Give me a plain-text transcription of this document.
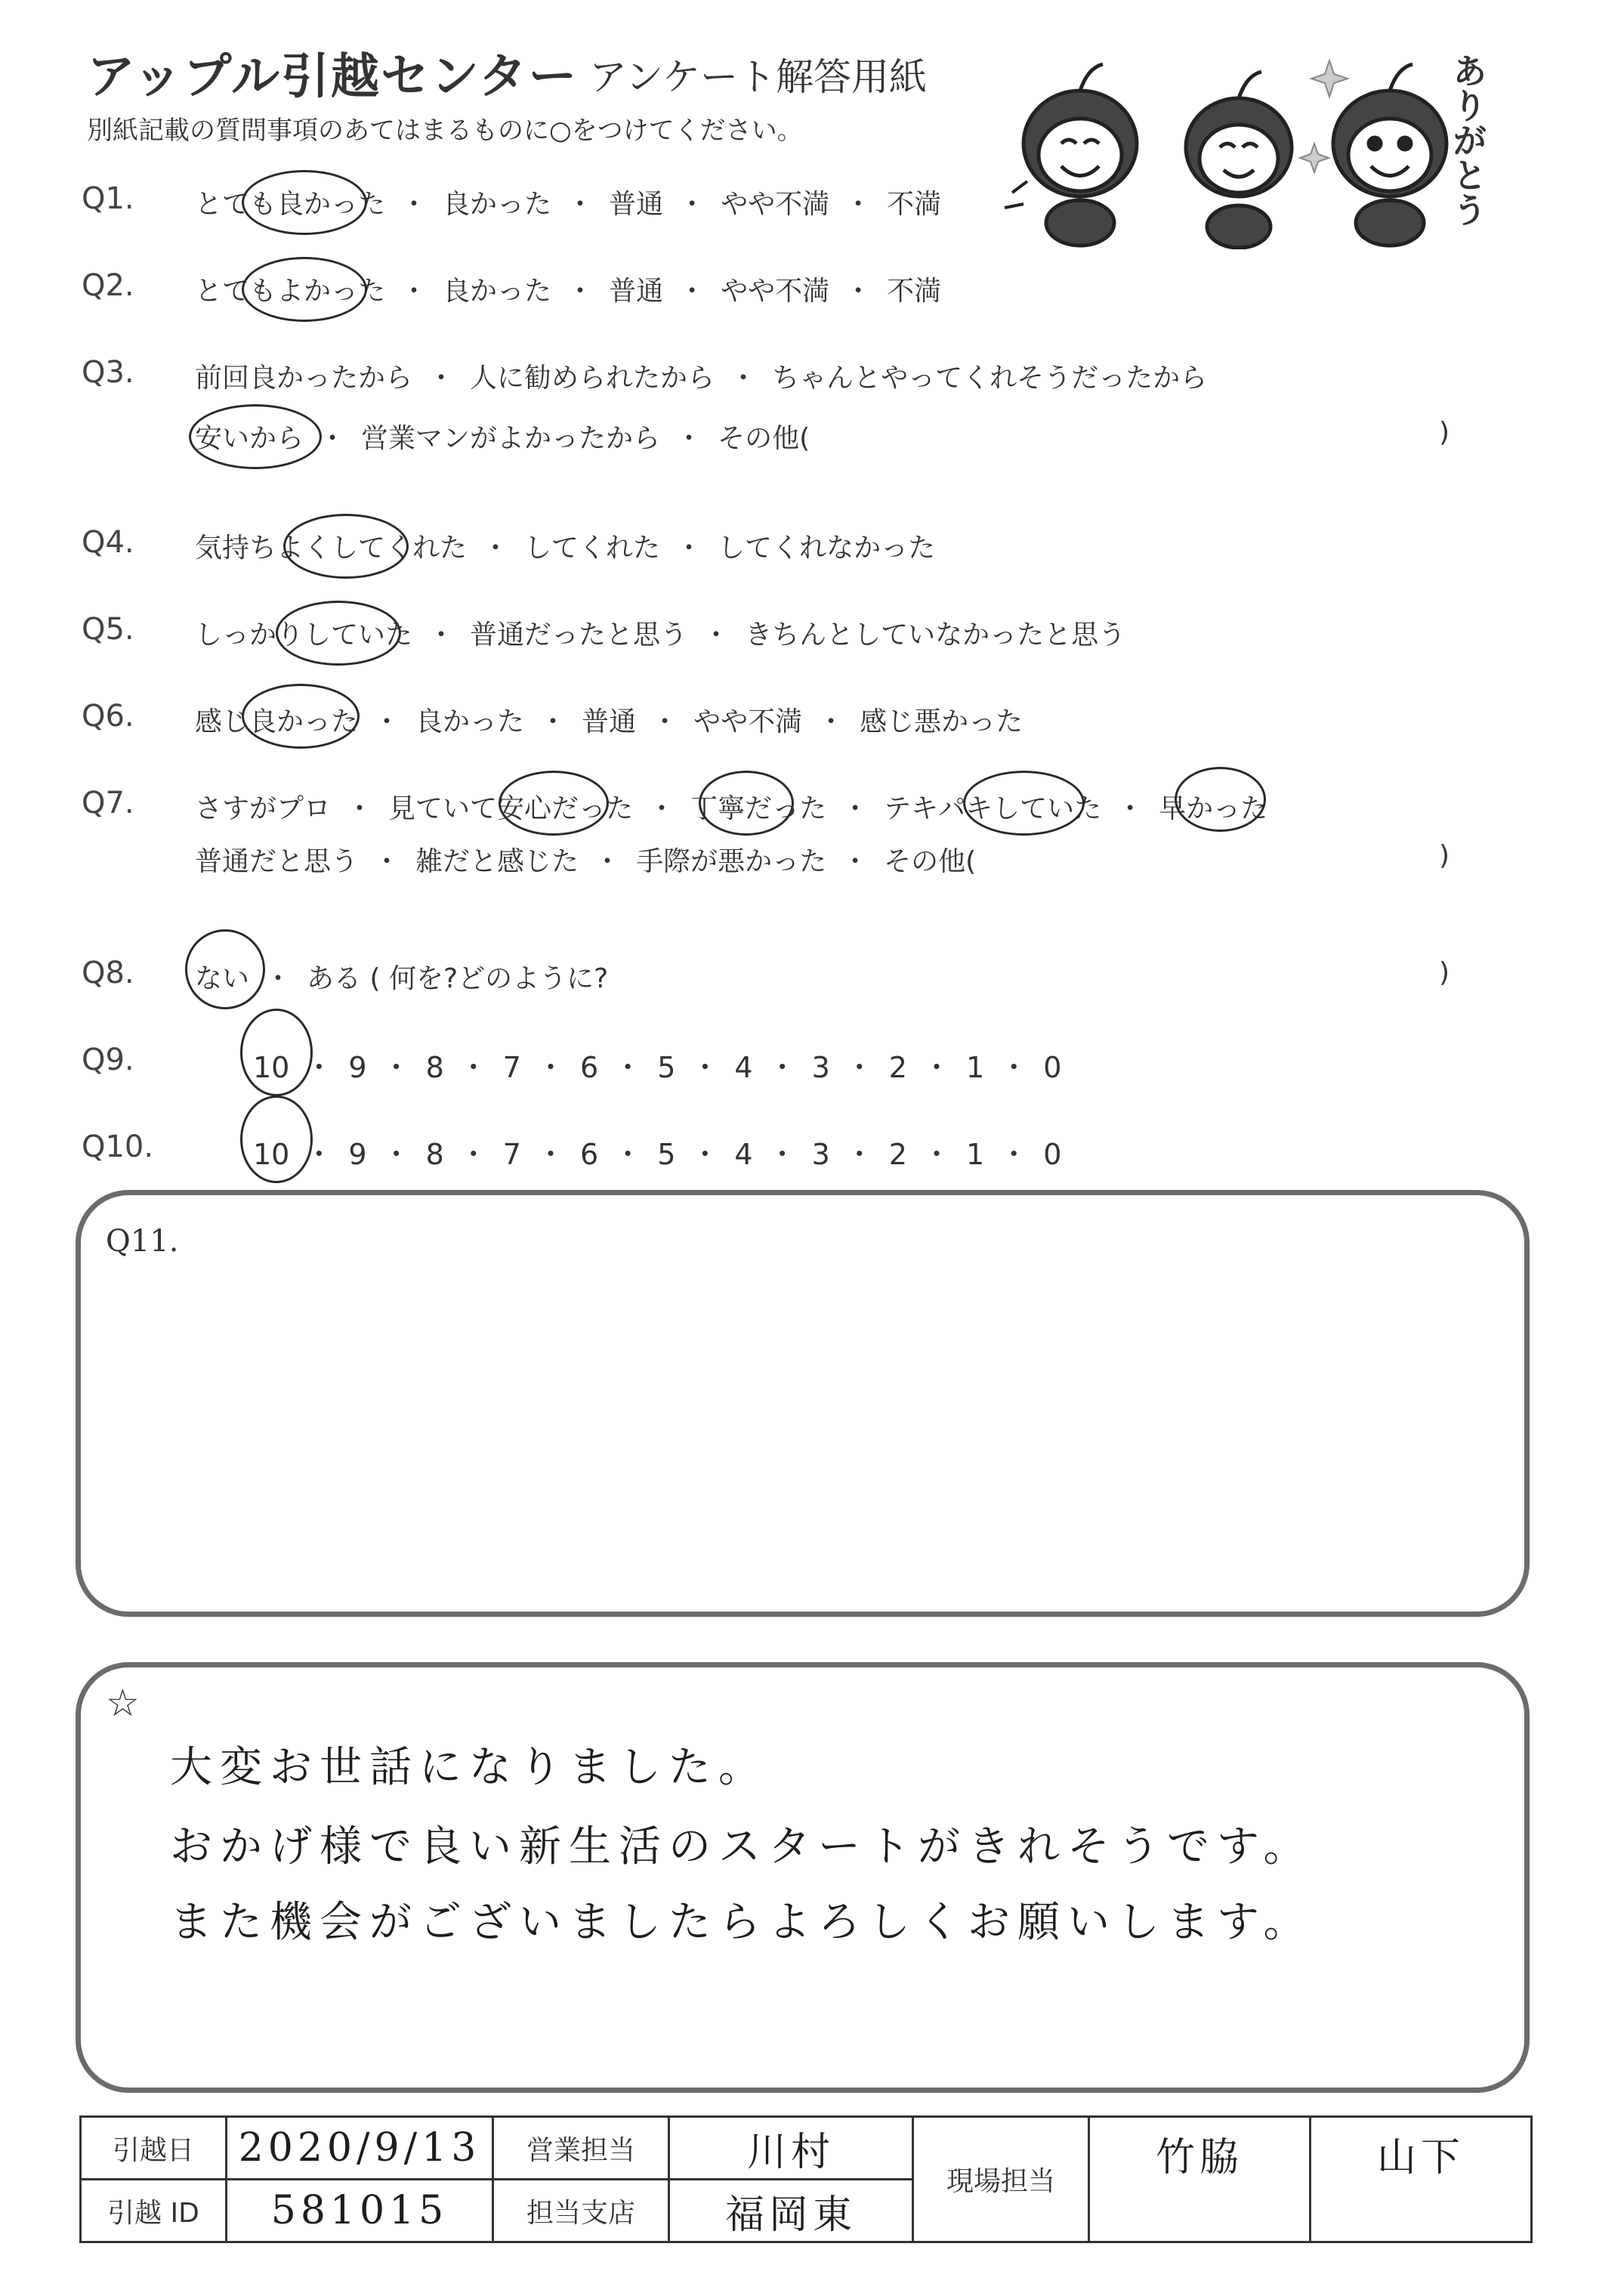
アップル引越センター アンケート解答用紙
別紙記載の質問事項のあてはまるものに○をつけてください。	ありがとう
Q1. とても良かった ・ 良かった ・ 普通 ・ やや不満 ・ 不満
Q2. とてもよかった ・ 良かった ・ 普通 ・ やや不満 ・ 不満
Q3. 前回良かったから ・ 人に勧められたから ・ ちゃんとやってくれそうだったから
安いから ・ 営業マンがよかったから ・ その他(	)
Q4. 気持ちよくしてくれた ・ してくれた ・ してくれなかった
Q5. しっかりしていた ・ 普通だったと思う ・ きちんとしていなかったと思う
Q6. 感じ良かった ・ 良かった ・ 普通 ・ やや不満 ・ 感じ悪かった
Q7. さすがプロ ・ 見ていて安心だった ・ 丁寧だった ・ テキパキしていた ・ 早かった
普通だと思う ・ 雑だと感じた ・ 手際が悪かった ・ その他(	)
Q8. ない ・ ある ( 何を?どのように?	)
Q9.	10 ・ 9 ・ 8 ・ 7 ・ 6 ・ 5 ・ 4 ・ 3 ・ 2 ・ 1 ・ 0
Q10.	10 ・ 9 ・ 8 ・ 7 ・ 6 ・ 5 ・ 4 ・ 3 ・ 2 ・ 1 ・ 0
Q11.
☆
大変お世話になりました。
おかげ様で良い新生活のスタートがきれそうです。
また機会がございましたらよろしくお願いします。
引越日	2020/9/13	営業担当	川村	現場担当	竹脇	山下
引越 ID	581015	担当支店	福岡東			
